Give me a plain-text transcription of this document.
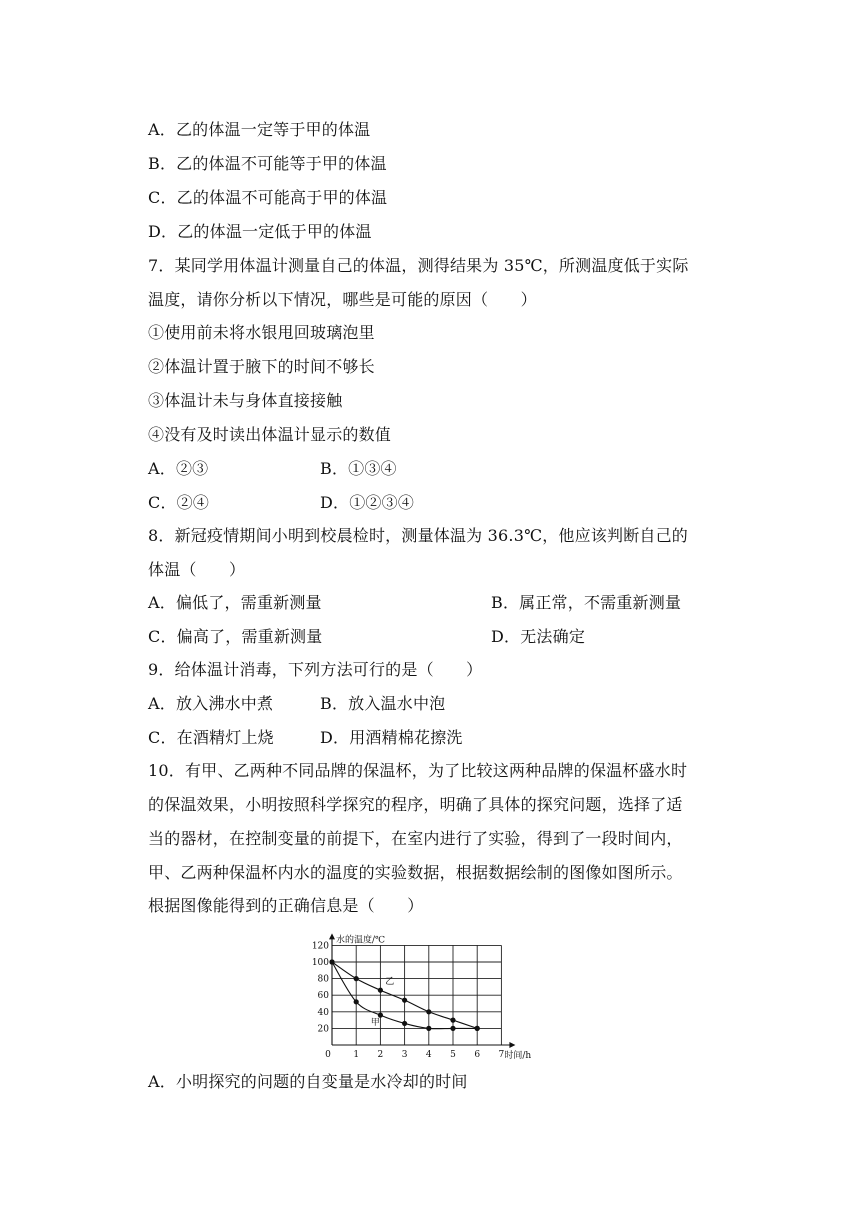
A．乙的体温一定等于甲的体温
B．乙的体温不可能等于甲的体温
C．乙的体温不可能高于甲的体温
D．乙的体温一定低于甲的体温
7．某同学用体温计测量自己的体温，测得结果为 35℃，所测温度低于实际
温度，请你分析以下情况，哪些是可能的原因（　　）
①使用前未将水银甩回玻璃泡里
②体温计置于腋下的时间不够长
③体温计未与身体直接接触
④没有及时读出体温计显示的数值
A．②③	B．①③④
C．②④	D．①②③④
8．新冠疫情期间小明到校晨检时，测量体温为 36.3℃，他应该判断自己的
体温（　　）
A．偏低了，需重新测量	B．属正常，不需重新测量
C．偏高了，需重新测量	D．无法确定
9．给体温计消毒，下列方法可行的是（　　）
A．放入沸水中煮	B．放入温水中泡
C．在酒精灯上烧	D．用酒精棉花擦洗
10．有甲、乙两种不同品牌的保温杯，为了比较这两种品牌的保温杯盛水时
的保温效果，小明按照科学探究的程序，明确了具体的探究问题，选择了适
当的器材，在控制变量的前提下，在室内进行了实验，得到了一段时间内，
甲、乙两种保温杯内水的温度的实验数据，根据数据绘制的图像如图所示。
根据图像能得到的正确信息是（　　）
20
40
60
80
100
120
0 1 2 3 4 5 6 7
水的温度/℃
时间/h
乙
甲
A．小明探究的问题的自变量是水冷却的时间
